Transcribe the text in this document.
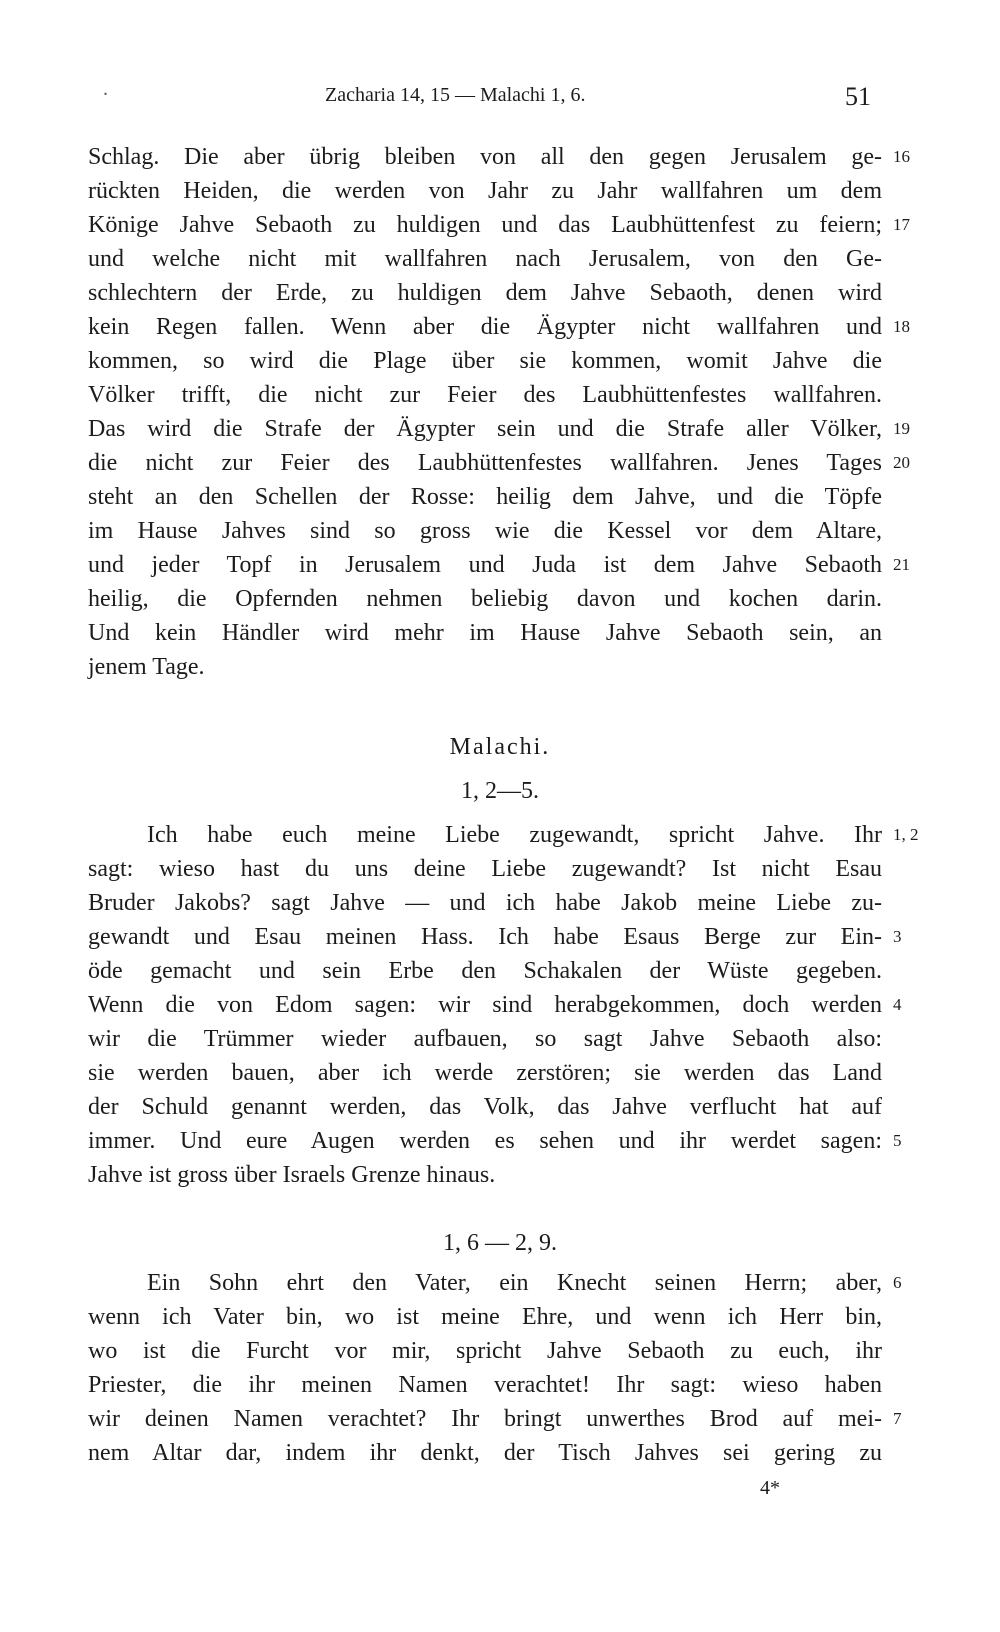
.	Zacharia 14, 15 — Malachi 1, 6.	51
Schlag. Die aber übrig bleiben von all den gegen Jerusalem ge- 16
rückten Heiden, die werden von Jahr zu Jahr wallfahren um dem
Könige Jahve Sebaoth zu huldigen und das Laubhüttenfest zu feiern; 17
und welche nicht mit wallfahren nach Jerusalem, von den Ge-
schlechtern der Erde, zu huldigen dem Jahve Sebaoth, denen wird
kein Regen fallen. Wenn aber die Ägypter nicht wallfahren und 18
kommen, so wird die Plage über sie kommen, womit Jahve die
Völker trifft, die nicht zur Feier des Laubhüttenfestes wallfahren.
Das wird die Strafe der Ägypter sein und die Strafe aller Völker, 19
die nicht zur Feier des Laubhüttenfestes wallfahren. Jenes Tages 20
steht an den Schellen der Rosse: heilig dem Jahve, und die Töpfe
im Hause Jahves sind so gross wie die Kessel vor dem Altare,
und jeder Topf in Jerusalem und Juda ist dem Jahve Sebaoth 21
heilig, die Opfernden nehmen beliebig davon und kochen darin.
Und kein Händler wird mehr im Hause Jahve Sebaoth sein, an
jenem Tage.
Malachi.
1, 2—5.
Ich habe euch meine Liebe zugewandt, spricht Jahve. Ihr 1, 2
sagt: wieso hast du uns deine Liebe zugewandt? Ist nicht Esau
Bruder Jakobs? sagt Jahve — und ich habe Jakob meine Liebe zu-
gewandt und Esau meinen Hass. Ich habe Esaus Berge zur Ein- 3
öde gemacht und sein Erbe den Schakalen der Wüste gegeben.
Wenn die von Edom sagen: wir sind herabgekommen, doch werden 4
wir die Trümmer wieder aufbauen, so sagt Jahve Sebaoth also:
sie werden bauen, aber ich werde zerstören; sie werden das Land
der Schuld genannt werden, das Volk, das Jahve verflucht hat auf
immer. Und eure Augen werden es sehen und ihr werdet sagen: 5
Jahve ist gross über Israels Grenze hinaus.
1, 6 — 2, 9.
Ein Sohn ehrt den Vater, ein Knecht seinen Herrn; aber, 6
wenn ich Vater bin, wo ist meine Ehre, und wenn ich Herr bin,
wo ist die Furcht vor mir, spricht Jahve Sebaoth zu euch, ihr
Priester, die ihr meinen Namen verachtet! Ihr sagt: wieso haben
wir deinen Namen verachtet? Ihr bringt unwerthes Brod auf mei- 7
nem Altar dar, indem ihr denkt, der Tisch Jahves sei gering zu
4*
